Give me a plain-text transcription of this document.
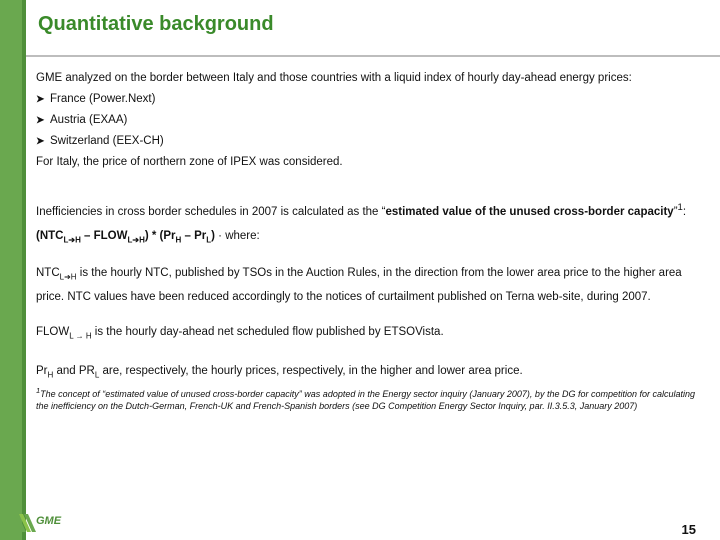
Quantitative background

GME analyzed on the border between Italy and those countries with a liquid index of hourly day-ahead energy prices:

➤ France (Power.Next)
➤ Austria (EXAA)
➤ Switzerland (EEX-CH)

For Italy, the price of northern zone of IPEX was considered.

Inefficiencies in cross border schedules in 2007 is calculated as the “estimated value of the unused cross-border capacity”$^1$:

($NTC_{L➔H}$ – $FLOW_{L➔H}) * (Pr_H - Pr_L)$ · where:

$NTC_{L➔H}$ is the hourly NTC, published by TSOs in the Auction Rules, in the direction from the lower area price to the higher area price. NTC values have been reduced accordingly to the notices of curtailment published on Terna web-site, during 2007.

$FLOW_{L \to H}$ is the hourly day-ahead net scheduled flow published by ETSOVista.

$Pr_H$ and $PR_L$ are, respectively, the hourly prices, respectively, in the higher and lower area price.

$^1$The concept of “estimated value of unused cross-border capacity” was adopted in the Energy sector inquiry (January 2007), by the DG for competition for calculating the inefficiency on the Dutch-German, French-UK and French-Spanish borders (see DG Competition Energy Sector Inquiry, par. II.3.5.3, January 2007)

GME
15
